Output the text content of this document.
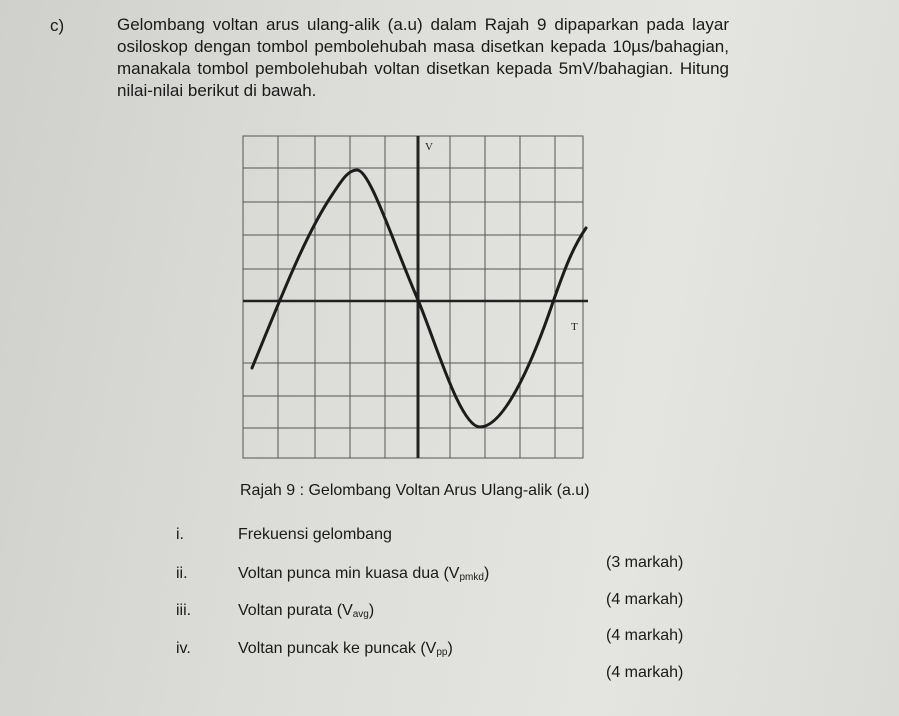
c)	Gelombang voltan arus ulang-alik (a.u) dalam Rajah 9 dipaparkan pada layar osiloskop dengan tombol pembolehubah masa disetkan kepada 10µs/bahagian, manakala tombol pembolehubah voltan disetkan kepada 5mV/bahagian. Hitung nilai-nilai berikut di bawah.

V
T
Rajah 9 : Gelombang Voltan Arus Ulang-alik (a.u)
i.	Frekuensi gelombang
(3 markah)
ii.	Voltan punca min kuasa dua $(V_{pmkd})$
(4 markah)
iii.	Voltan purata $(V_{avg})$
(4 markah)
iv.	Voltan puncak ke puncak $(V_{pp})$
(4 markah)
